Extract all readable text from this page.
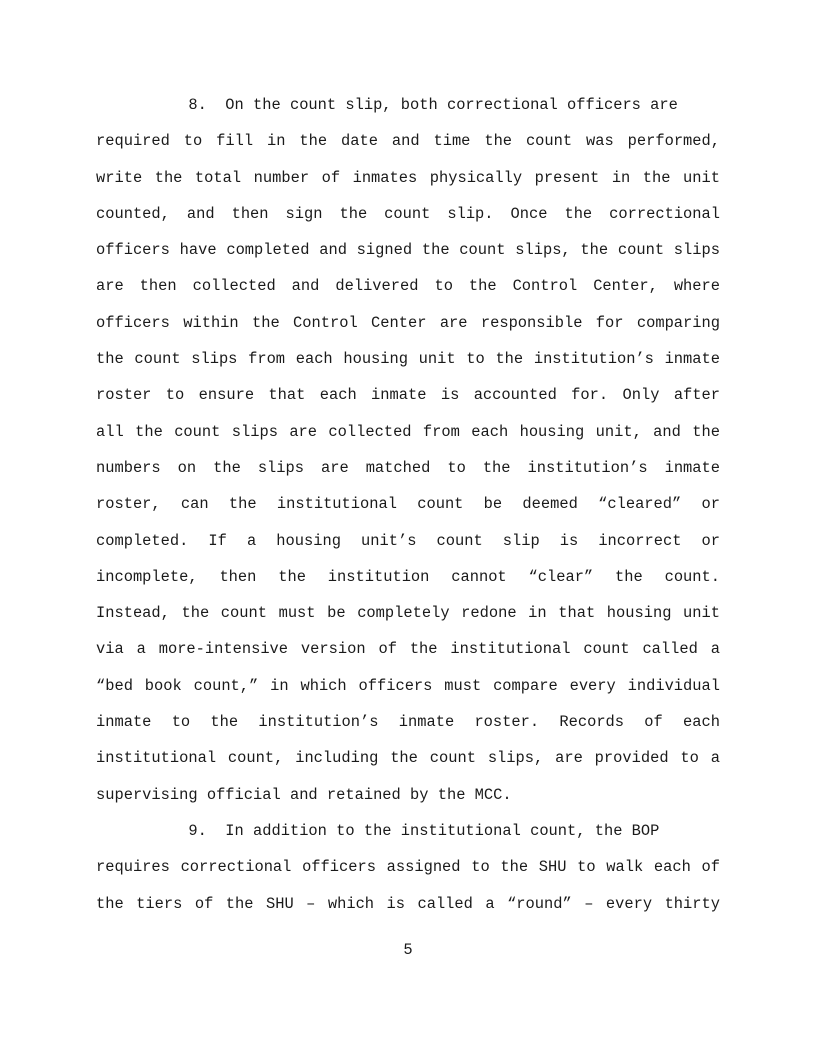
8.  On the count slip, both correctional officers are
required to fill in the date and time the count was performed,
write the total number of inmates physically present in the unit
counted, and then sign the count slip. Once the correctional
officers have completed and signed the count slips, the count slips
are then collected and delivered to the Control Center, where
officers within the Control Center are responsible for comparing
the count slips from each housing unit to the institution’s inmate
roster to ensure that each inmate is accounted for. Only after
all the count slips are collected from each housing unit, and the
numbers on the slips are matched to the institution’s inmate
roster, can the institutional count be deemed “cleared” or
completed. If a housing unit’s count slip is incorrect or
incomplete, then the institution cannot “clear” the count.
Instead, the count must be completely redone in that housing unit
via a more-intensive version of the institutional count called a
“bed book count,” in which officers must compare every individual
inmate to the institution’s inmate roster. Records of each
institutional count, including the count slips, are provided to a
supervising official and retained by the MCC.
9.  In addition to the institutional count, the BOP
requires correctional officers assigned to the SHU to walk each of
the tiers of the SHU – which is called a “round” – every thirty
5
